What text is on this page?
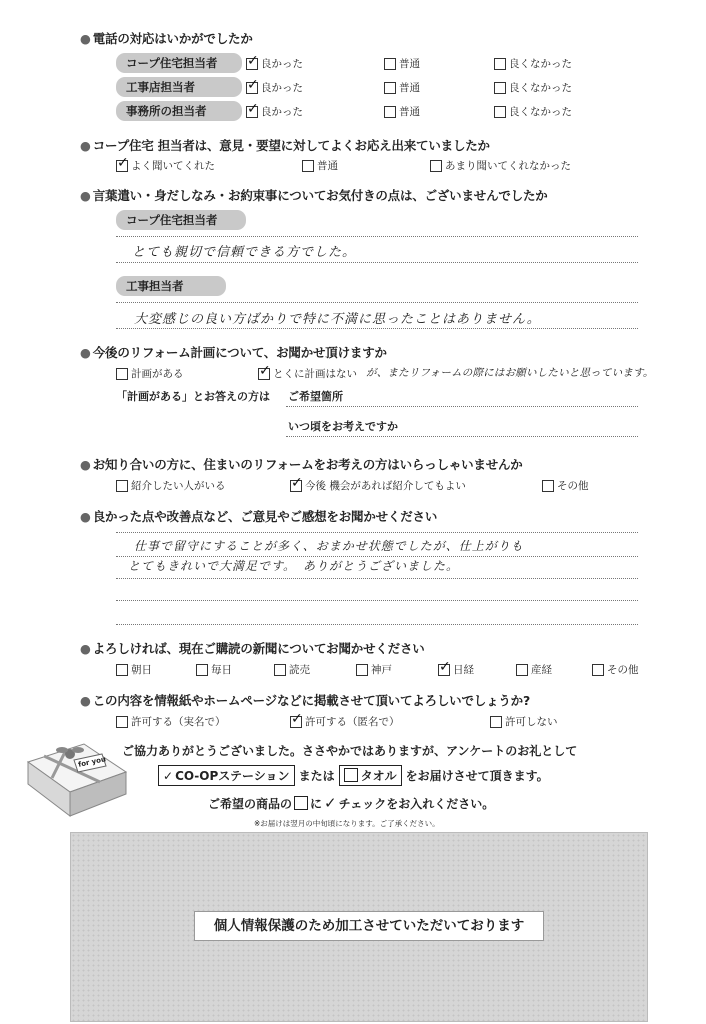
● 電話の対応はいかがでしたか
コープ住宅担当者 ✓	良かった	普通	良くなかった
工事店担当者 ✓	良かった	普通	良くなかった
事務所の担当者 ✓	良かった	普通	良くなかった
● コープ住宅 担当者は、意見・要望に対してよくお応え出来ていましたか
✓
よく聞いてくれた	普通	あまり聞いてくれなかった
● 言葉遣い・身だしなみ・お約束事についてお気付きの点は、ございませんでしたか
コープ住宅担当者
とても親切で信頼できる方でした。
工事担当者
大変感じの良い方ばかりで特に不満に思ったことはありません。
● 今後のリフォーム計画について、お聞かせ頂けますか
計画がある ✓	とくに計画はない が、またリフォームの際にはお願いしたいと思っています。
「計画がある」とお答えの方は ご希望箇所
いつ頃をお考えですか
● お知り合いの方に、住まいのリフォームをお考えの方はいらっしゃいませんか
紹介したい人がいる ✓	今後 機会があれば紹介してもよい	その他
● 良かった点や改善点など、ご意見やご感想をお聞かせください
仕事で留守にすることが多く、おまかせ状態でしたが、仕上がりも
とてもきれいで大満足です。　ありがとうございました。
● よろしければ、現在ご購読の新聞についてお聞かせください
朝日	毎日	読売	神戸 ✓	日経	産経	その他
● この内容を情報紙やホームページなどに掲載させて頂いてよろしいでしょうか?
許可する（実名で） ✓	許可する（匿名で）	許可しない
for you
ご協力ありがとうございました。ささやかではありますが、アンケートのお礼として
✓ CO-OPステーション または	タオル をお届けさせて頂きます。
ご希望の商品の に ✓ チェックをお入れください。
※お届けは翌月の中旬頃になります。ご了承ください。
個人情報保護のため加工させていただいております
